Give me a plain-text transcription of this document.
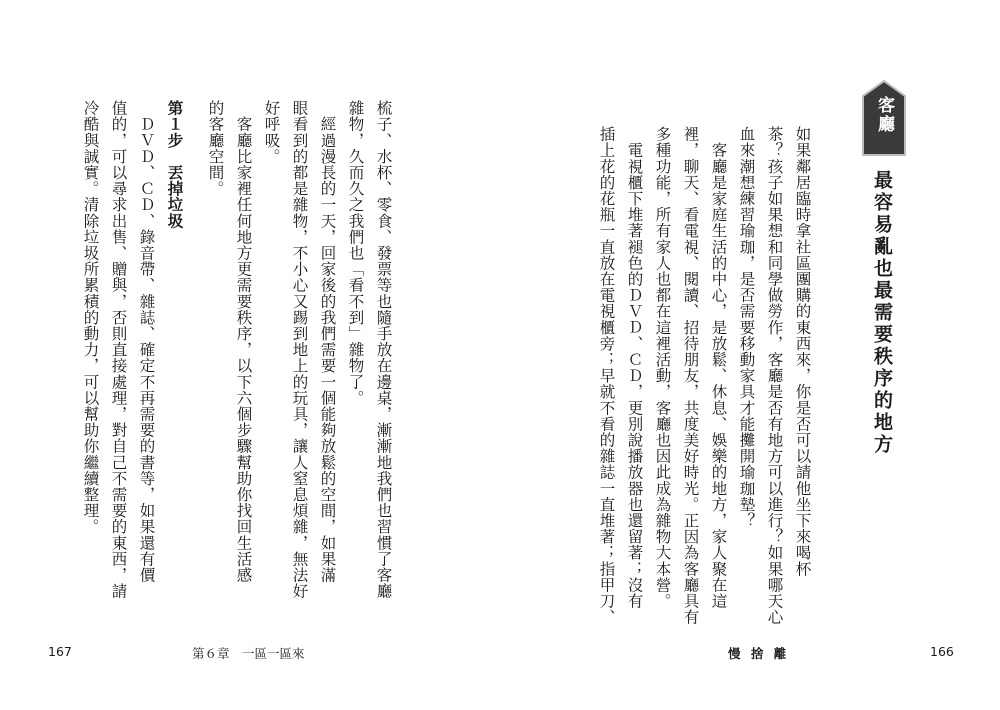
客廳
最容易亂也最需要秩序的地方
如果鄰居臨時拿社區團購的東西來，你是否可以請他坐下來喝杯
茶？孩子如果想和同學做勞作，客廳是否有地方可以進行？如果哪天心
血來潮想練習瑜珈，是否需要移動家具才能攤開瑜珈墊？
　客廳是家庭生活的中心，是放鬆、休息、娛樂的地方，家人聚在這
裡，聊天、看電視、閱讀、招待朋友，共度美好時光。正因為客廳具有
多種功能，所有家人也都在這裡活動，客廳也因此成為雜物大本營。
　電視櫃下堆著褪色的ＤＶＤ、ＣＤ，更別說播放器也還留著；沒有
插上花的花瓶一直放在電視櫃旁；早就不看的雜誌一直堆著；指甲刀、
慢 捨 離	166
梳子、水杯、零食、發票等也隨手放在邊桌，漸漸地我們也習慣了客廳
雜物，久而久之我們也「看不到」雜物了。
　經過漫長的一天，回家後的我們需要一個能夠放鬆的空間，如果滿
眼看到的都是雜物，不小心又踢到地上的玩具，讓人窒息煩雜，無法好
好呼吸。
　客廳比家裡任何地方更需要秩序，以下六個步驟幫助你找回生活感
的客廳空間。
第１步　丟掉垃圾
　ＤＶＤ、ＣＤ、錄音帶、雜誌、確定不再需要的書等，如果還有價
值的，可以尋求出售、贈與，否則直接處理，對自己不需要的東西，請
冷酷與誠實。清除垃圾所累積的動力，可以幫助你繼續整理。
167	第６章　一區一區來
